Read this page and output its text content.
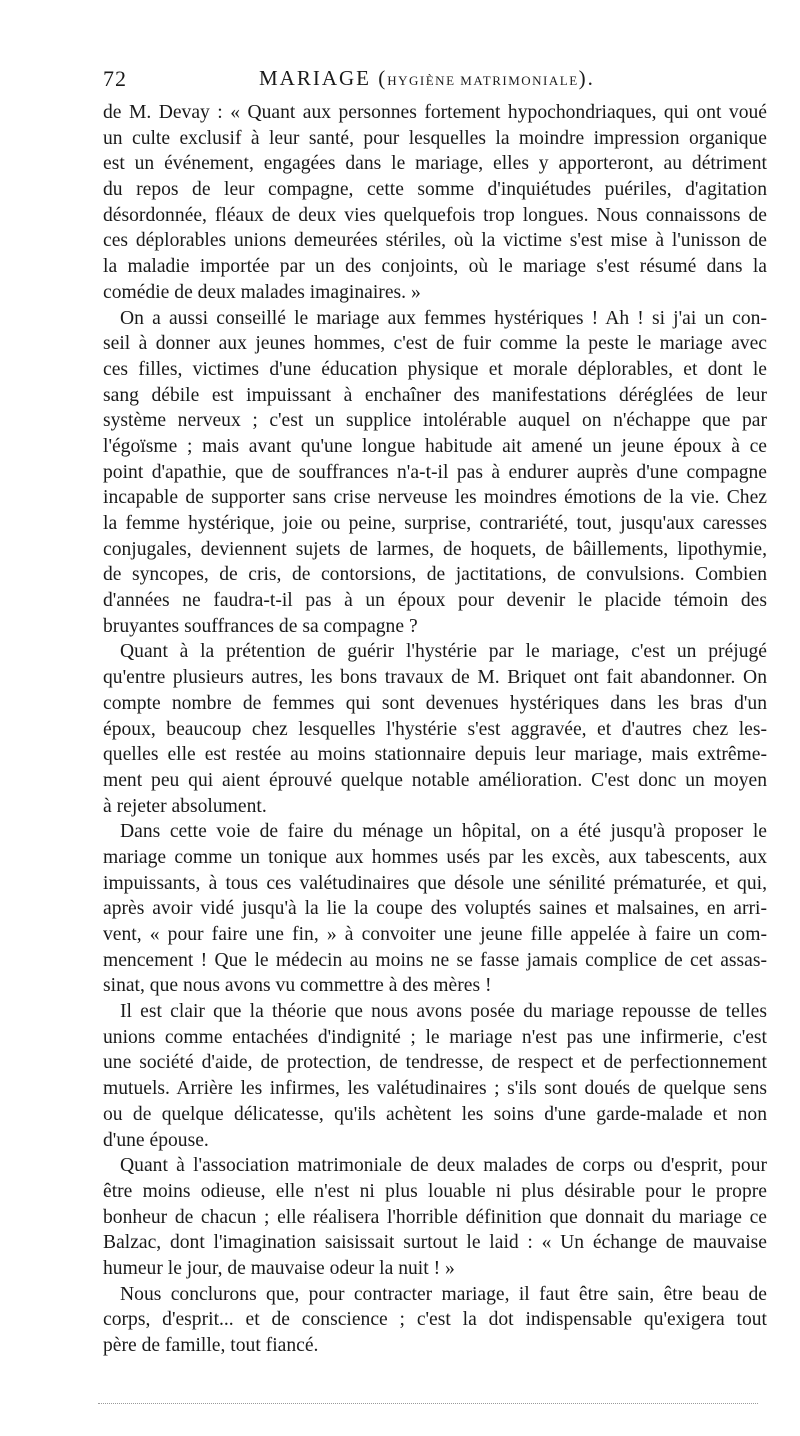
72	MARIAGE (HYGIÈNE MATRIMONIALE).
de M. Devay : « Quant aux personnes fortement hypochondriaques, qui ont voué
un culte exclusif à leur santé, pour lesquelles la moindre impression organique
est un événement, engagées dans le mariage, elles y apporteront, au détriment
du repos de leur compagne, cette somme d'inquiétudes puériles, d'agitation
désordonnée, fléaux de deux vies quelquefois trop longues. Nous connaissons de
ces déplorables unions demeurées stériles, où la victime s'est mise à l'unisson de
la maladie importée par un des conjoints, où le mariage s'est résumé dans la
comédie de deux malades imaginaires. »
On a aussi conseillé le mariage aux femmes hystériques ! Ah ! si j'ai un con-
seil à donner aux jeunes hommes, c'est de fuir comme la peste le mariage avec
ces filles, victimes d'une éducation physique et morale déplorables, et dont le
sang débile est impuissant à enchaîner des manifestations déréglées de leur
système nerveux ; c'est un supplice intolérable auquel on n'échappe que par
l'égoïsme ; mais avant qu'une longue habitude ait amené un jeune époux à ce
point d'apathie, que de souffrances n'a-t-il pas à endurer auprès d'une compagne
incapable de supporter sans crise nerveuse les moindres émotions de la vie. Chez
la femme hystérique, joie ou peine, surprise, contrariété, tout, jusqu'aux caresses
conjugales, deviennent sujets de larmes, de hoquets, de bâillements, lipothymie,
de syncopes, de cris, de contorsions, de jactitations, de convulsions. Combien
d'années ne faudra-t-il pas à un époux pour devenir le placide témoin des
bruyantes souffrances de sa compagne ?
Quant à la prétention de guérir l'hystérie par le mariage, c'est un préjugé
qu'entre plusieurs autres, les bons travaux de M. Briquet ont fait abandonner. On
compte nombre de femmes qui sont devenues hystériques dans les bras d'un
époux, beaucoup chez lesquelles l'hystérie s'est aggravée, et d'autres chez les-
quelles elle est restée au moins stationnaire depuis leur mariage, mais extrême-
ment peu qui aient éprouvé quelque notable amélioration. C'est donc un moyen
à rejeter absolument.
Dans cette voie de faire du ménage un hôpital, on a été jusqu'à proposer le
mariage comme un tonique aux hommes usés par les excès, aux tabescents, aux
impuissants, à tous ces valétudinaires que désole une sénilité prématurée, et qui,
après avoir vidé jusqu'à la lie la coupe des voluptés saines et malsaines, en arri-
vent, « pour faire une fin, » à convoiter une jeune fille appelée à faire un com-
mencement ! Que le médecin au moins ne se fasse jamais complice de cet assas-
sinat, que nous avons vu commettre à des mères !
Il est clair que la théorie que nous avons posée du mariage repousse de telles
unions comme entachées d'indignité ; le mariage n'est pas une infirmerie, c'est
une société d'aide, de protection, de tendresse, de respect et de perfectionnement
mutuels. Arrière les infirmes, les valétudinaires ; s'ils sont doués de quelque sens
ou de quelque délicatesse, qu'ils achètent les soins d'une garde-malade et non
d'une épouse.
Quant à l'association matrimoniale de deux malades de corps ou d'esprit, pour
être moins odieuse, elle n'est ni plus louable ni plus désirable pour le propre
bonheur de chacun ; elle réalisera l'horrible définition que donnait du mariage ce
Balzac, dont l'imagination saisissait surtout le laid : « Un échange de mauvaise
humeur le jour, de mauvaise odeur la nuit ! »
Nous conclurons que, pour contracter mariage, il faut être sain, être beau de
corps, d'esprit... et de conscience ; c'est la dot indispensable qu'exigera tout
père de famille, tout fiancé.
